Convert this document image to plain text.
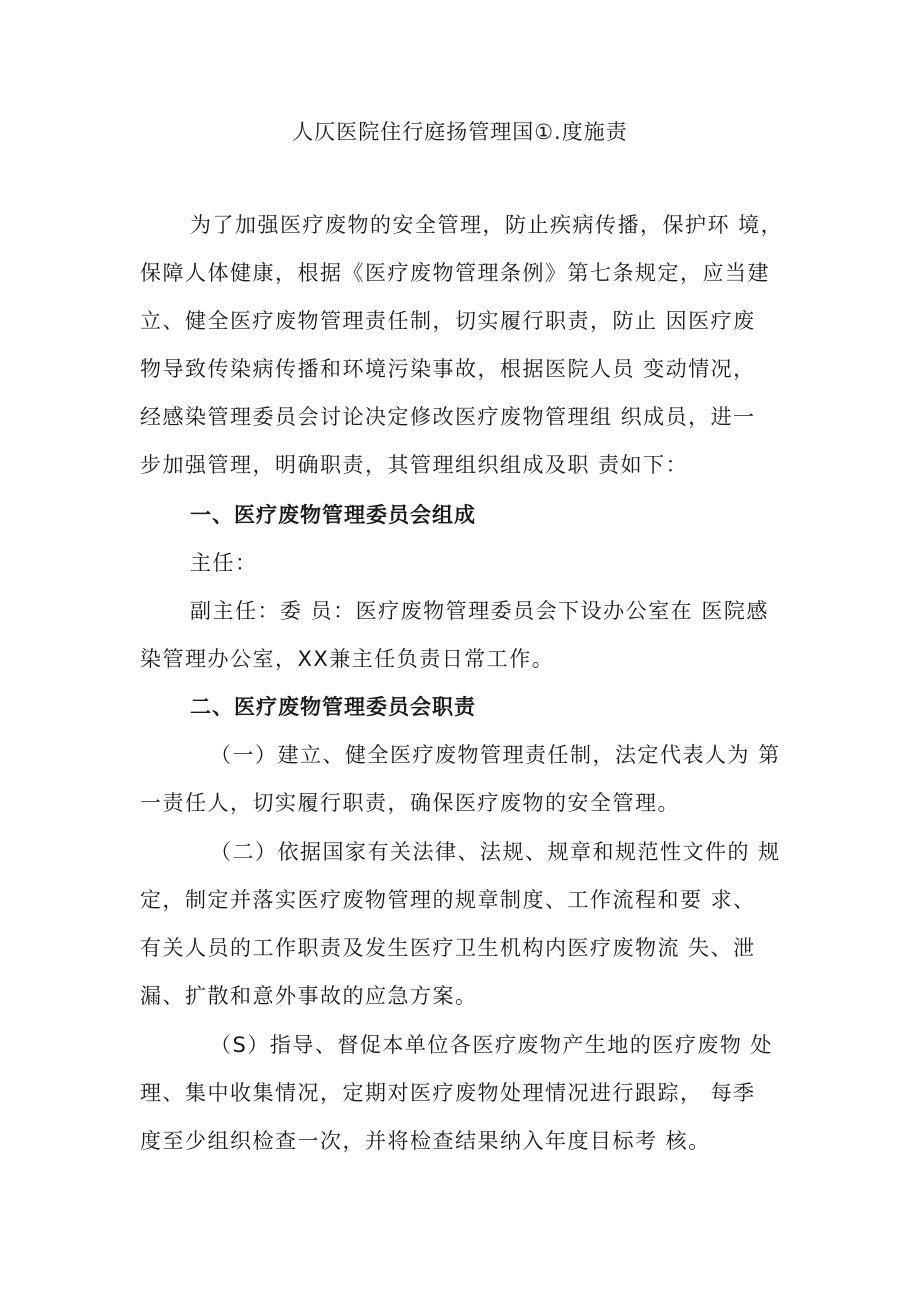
人仄医院住行庭扬管理国①.度施责
为了加强医疗废物的安全管理，防止疾病传播，保护环 境，
保障人体健康，根据《医疗废物管理条例》第七条规定，应当建
立、健全医疗废物管理责任制，切实履行职责，防止 因医疗废
物导致传染病传播和环境污染事故，根据医院人员 变动情况，
经感染管理委员会讨论决定修改医疗废物管理组 织成员，进一
步加强管理，明确职责，其管理组织组成及职 责如下：
一、医疗废物管理委员会组成
主任：
副主任：委 员：医疗废物管理委员会下设办公室在 医院感
染管理办公室，XX兼主任负责日常工作。
二、医疗废物管理委员会职责
（一）建立、健全医疗废物管理责任制，法定代表人为 第
一责任人，切实履行职责，确保医疗废物的安全管理。
（二）依据国家有关法律、法规、规章和规范性文件的 规
定，制定并落实医疗废物管理的规章制度、工作流程和要 求、
有关人员的工作职责及发生医疗卫生机构内医疗废物流 失、泄
漏、扩散和意外事故的应急方案。
（S）指导、督促本单位各医疗废物产生地的医疗废物 处
理、集中收集情况，定期对医疗废物处理情况进行跟踪， 每季
度至少组织检查一次，并将检查结果纳入年度目标考 核。
